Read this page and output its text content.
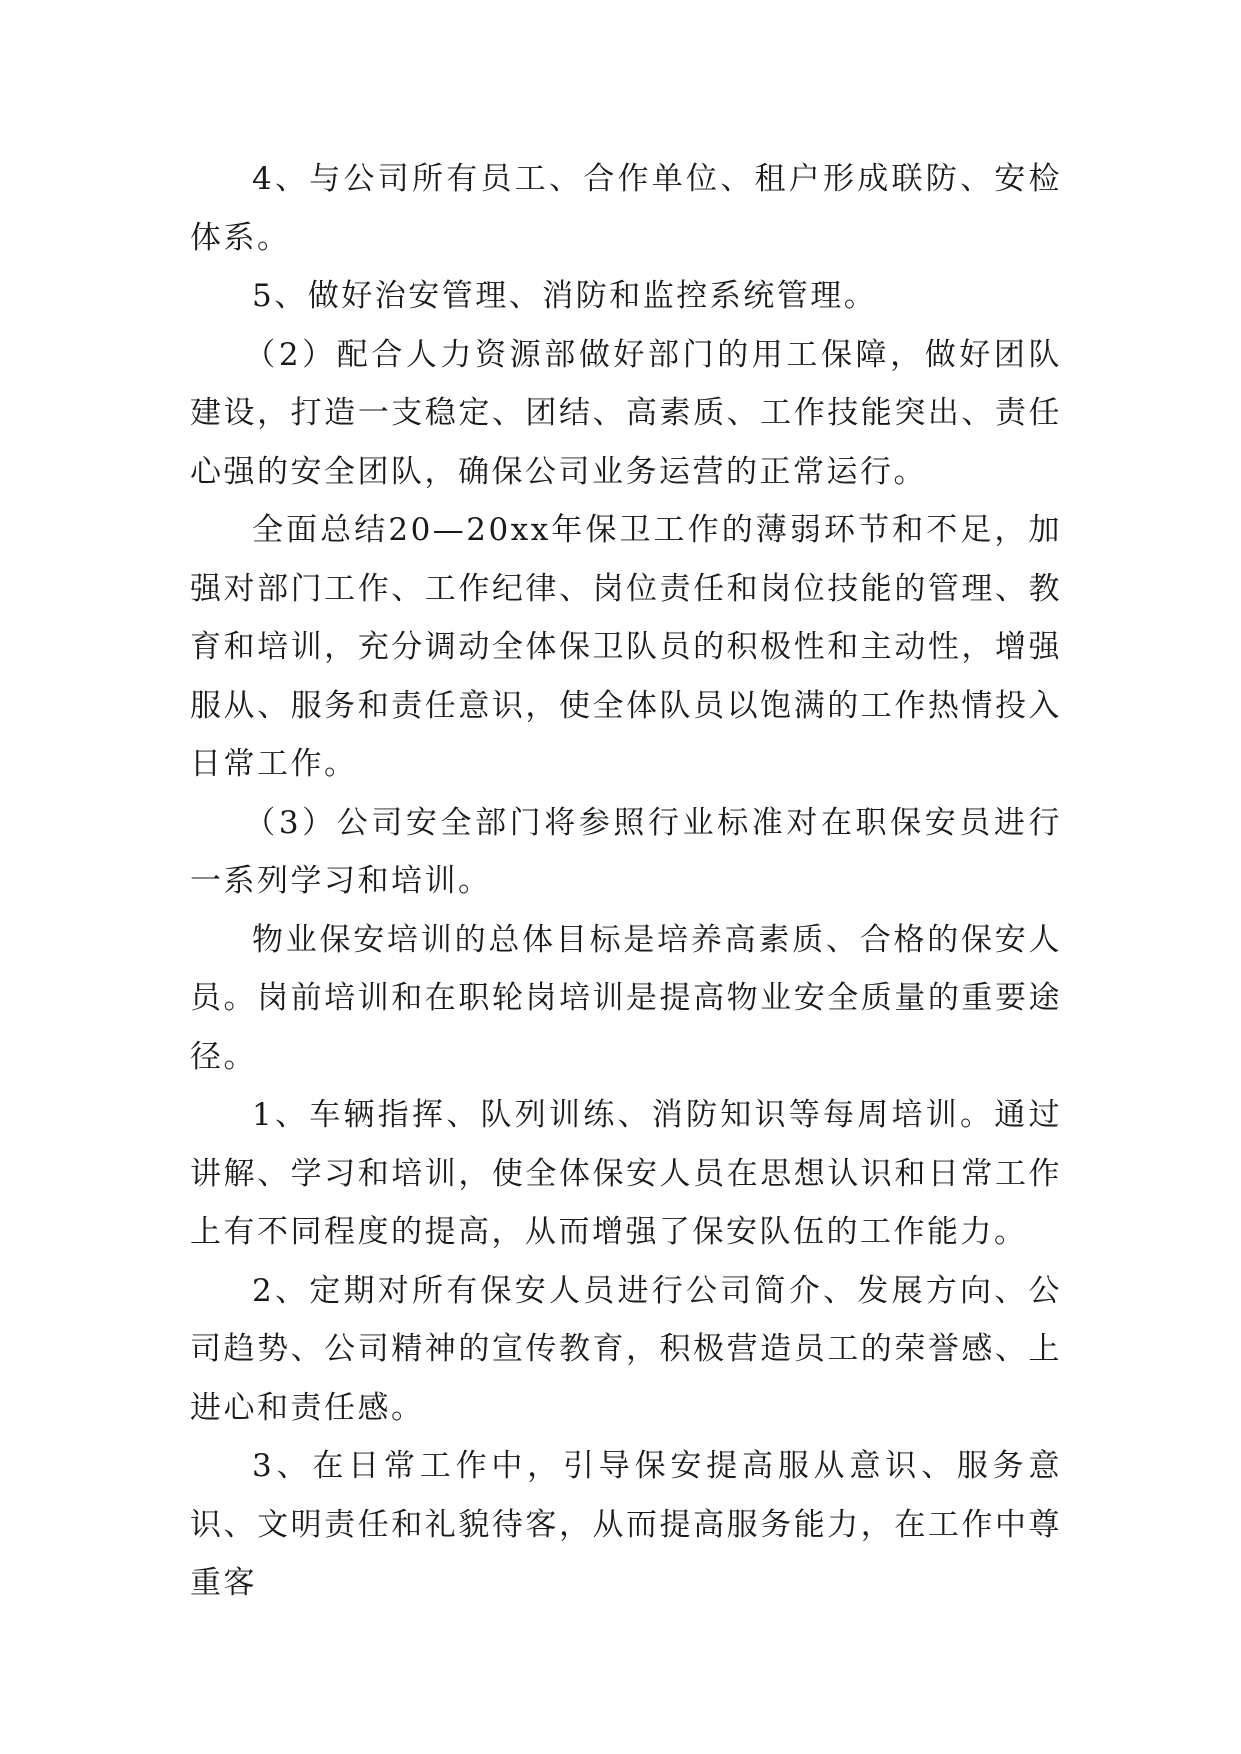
4、与公司所有员工、合作单位、租户形成联防、安检体系。

5、做好治安管理、消防和监控系统管理。

（2）配合人力资源部做好部门的用工保障，做好团队建设，打造一支稳定、团结、高素质、工作技能突出、责任心强的安全团队，确保公司业务运营的正常运行。

全面总结20—20xx年保卫工作的薄弱环节和不足，加强对部门工作、工作纪律、岗位责任和岗位技能的管理、教育和培训，充分调动全体保卫队员的积极性和主动性，增强服从、服务和责任意识，使全体队员以饱满的工作热情投入日常工作。

（3）公司安全部门将参照行业标准对在职保安员进行一系列学习和培训。

物业保安培训的总体目标是培养高素质、合格的保安人员。岗前培训和在职轮岗培训是提高物业安全质量的重要途径。

1、车辆指挥、队列训练、消防知识等每周培训。通过讲解、学习和培训，使全体保安人员在思想认识和日常工作上有不同程度的提高，从而增强了保安队伍的工作能力。

2、定期对所有保安人员进行公司简介、发展方向、公司趋势、公司精神的宣传教育，积极营造员工的荣誉感、上进心和责任感。

3、在日常工作中，引导保安提高服从意识、服务意识、文明责任和礼貌待客，从而提高服务能力，在工作中尊重客
